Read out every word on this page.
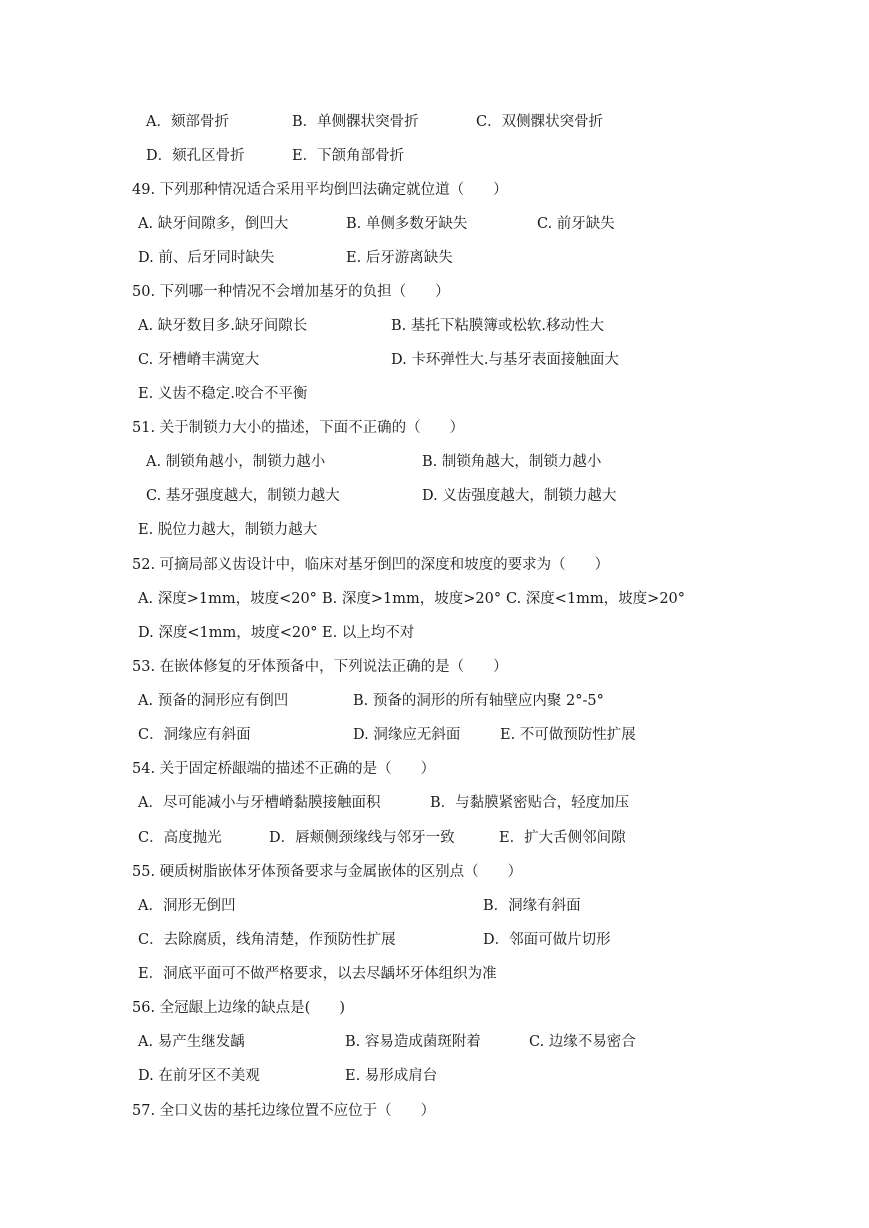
A．颏部骨折	B．单侧髁状突骨折	C．双侧髁状突骨折
D．颏孔区骨折	E．下颌角部骨折
49. 下列那种情况适合采用平均倒凹法确定就位道（　　）
A. 缺牙间隙多，倒凹大	B. 单侧多数牙缺失	C. 前牙缺失
D. 前、后牙同时缺失	E. 后牙游离缺失
50. 下列哪一种情况不会增加基牙的负担（　　）
A. 缺牙数目多.缺牙间隙长	B. 基托下粘膜簿或松软.移动性大
C. 牙槽嵴丰满宽大	D. 卡环弹性大.与基牙表面接触面大
E. 义齿不稳定.咬合不平衡
51. 关于制锁力大小的描述，下面不正确的（　　）
A. 制锁角越小，制锁力越小	B. 制锁角越大，制锁力越小
C. 基牙强度越大，制锁力越大	D. 义齿强度越大，制锁力越大
E. 脱位力越大，制锁力越大
52. 可摘局部义齿设计中，临床对基牙倒凹的深度和坡度的要求为（　　）
A. 深度>1mm，坡度<20° B. 深度>1mm，坡度>20° C. 深度<1mm，坡度>20°
D. 深度<1mm，坡度<20° E. 以上均不对
53. 在嵌体修复的牙体预备中，下列说法正确的是（　　）
A. 预备的洞形应有倒凹	B. 预备的洞形的所有轴壁应内聚 2°-5°
C．洞缘应有斜面	D. 洞缘应无斜面	E. 不可做预防性扩展
54. 关于固定桥龈端的描述不正确的是（　　）
A．尽可能减小与牙槽嵴黏膜接触面积	B．与黏膜紧密贴合，轻度加压
C．高度抛光	D．唇颊侧颈缘线与邻牙一致	E．扩大舌侧邻间隙
55. 硬质树脂嵌体牙体预备要求与金属嵌体的区别点（　　）
A．洞形无倒凹	B．洞缘有斜面
C．去除腐质，线角清楚，作预防性扩展	D．邻面可做片切形
E．洞底平面可不做严格要求，以去尽龋坏牙体组织为准
56. 全冠龈上边缘的缺点是(　　)
A. 易产生继发龋	B. 容易造成菌斑附着	C. 边缘不易密合
D. 在前牙区不美观	E. 易形成肩台
57. 全口义齿的基托边缘位置不应位于（　　）
